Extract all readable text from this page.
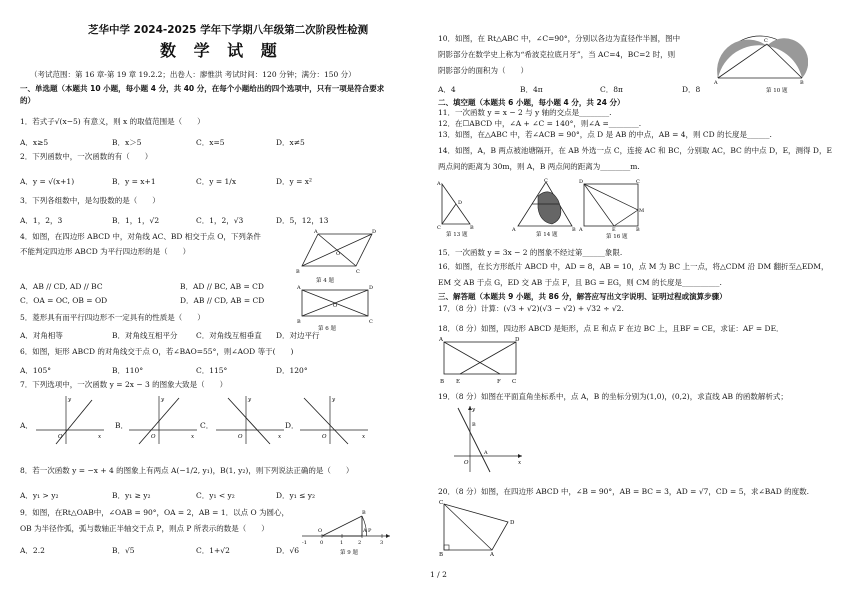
芝华中学 2024-2025 学年下学期八年级第二次阶段性检测
数 学 试 题
（考试范围：第 16 章-第 19 章 19.2.2；出卷人：廖惟洪 考试时间：120 分钟；满分：150 分）
一、单选题（本题共 10 小题，每小题 4 分，共 40 分，在每个小题给出的四个选项中，只有一项是符合要求
的）
1．若式子√(x−5) 有意义，则 x 的取值范围是（　　）
A．x≥5	B．x＞5	C．x=5	D．x≠5
2．下列函数中，一次函数的有（　　）
A．y = √(x+1)	B．y = x+1	C．y = 1/x	D．y = x²
3．下列各组数中，是勾股数的是（　　）
A．1，2，3	B．1，1，√2	C．1，2，√3	D．5，12，13
4．如图，在四边形 ABCD 中，对角线 AC、BD 相交于点 O，下列条件
不能判定四边形 ABCD 为平行四边形的是（　　）
A	D
B	C
O
第 4 题
A．AB // CD, AD // BC	B．AD // BC, AB = CD
C．OA = OC, OB = OD	D．AB // CD, AB = CD
A	D
B	C
O
第 6 题
5．菱形具有而平行四边形不一定具有的性质是（　　）
A．对角相等	B．对角线互相平分 C．对角线互相垂直 D．对边平行
6．如图，矩形 ABCD 的对角线交于点 O，若∠BAO=55°，则∠AOD 等于(　　)
A．105°	B．110°	C．115°	D．120°
7．下列选项中，一次函数 y = 2x − 3 的图象大致是（　　）
A．
y
x
O
B．
y
x
O
C．
y
x
O
D．
y
x
O
8．若一次函数 y = −x + 4 的图象上有两点 A(−1/2, y₁)，B(1, y₂)，则下列说法正确的是（　　）
A．y₁ > y₂	B．y₁ ≥ y₂	C．y₁ < y₂	D．y₁ ≤ y₂
9．如图，在Rt△OAB中，∠OAB = 90°，OA = 2，AB = 1．以点 O 为圆心，
OB 为半径作弧，弧与数轴正半轴交于点 P，则点 P 所表示的数是（　　）
-1	0	1	2	3
B
A P
O
第 9 题
A．2.2	B．√5	C．1+√2	D．√6
10．如图，在 Rt△ABC 中，∠C=90°，分别以各边为直径作半圆，图中
阴影部分在数学史上称为“希波克拉底月牙”，当 AC=4，BC=2 时，则
阴影部分的面积为（　　）
A．4	B．4π	C．8π	D．8
A	B
C
第 10 题
二、填空题（本题共 6 小题，每小题 4 分，共 24 分）
11．一次函数 y = x − 2 与 y 轴的交点是________.
12．在☐ABCD 中，∠A + ∠C = 140°，则∠A =________.
13．如图，在△ABC 中，若∠ACB = 90°，点 D 是 AB 的中点，AB = 4，则 CD 的长度是______.
14．如图，A，B 两点被池塘隔开，在 AB 外选一点 C，连接 AC 和 BC，分别取 AC，BC 的中点 D，E，测得 D，E
两点间的距离为 30m，则 A，B 两点间的距离为________m.
A
D
C	B
第 13 题
C
A	B
第 14 题
D	C
A	B
M
E
第 16 题
15．一次函数 y = 3x − 2 的图象不经过第______象限.
16．如图，在长方形纸片 ABCD 中，AD = 8，AB = 10，点 M 为 BC 上一点，将△CDM 沿 DM 翻折至△EDM，
EM 交 AB 于点 G，ED 交 AB 于点 F，且 BG = EG，则 CM 的长度是__________.
三、解答题（本题共 9 小题，共 86 分，解答应写出文字说明、证明过程或演算步骤）
17．（8 分）计算：(√3 + √2)(√3 − √2) + √32 ÷ √2.
18．（8 分）如图，四边形 ABCD 是矩形，点 E 和点 F 在边 BC 上，且BF = CE，求证：AF = DE．
A	D
B E	F C
19．（8 分）如图在平面直角坐标系中，点 A，B 的坐标分别为(1,0)，(0,2)，求直线 AB 的函数解析式；
y
x
O
A
B
20．（8 分）如图，在四边形 ABCD 中，∠B = 90°，AB = BC = 3，AD = √7，CD = 5，求∠BAD 的度数.
C
B	A
D
1 / 2
